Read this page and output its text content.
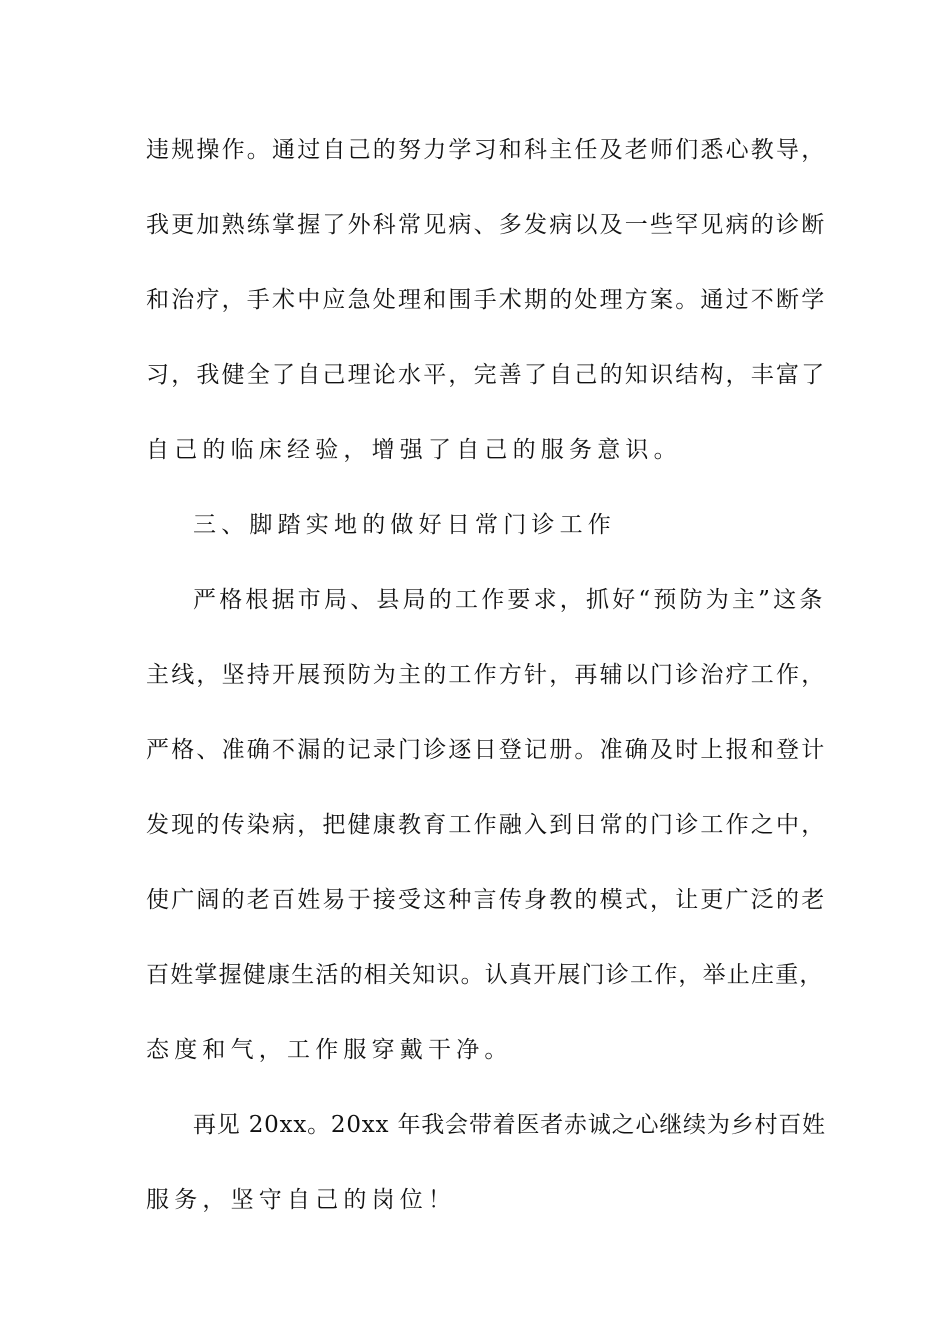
违规操作。通过自己的努力学习和科主任及老师们悉心教导，
我更加熟练掌握了外科常见病、多发病以及一些罕见病的诊断
和治疗，手术中应急处理和围手术期的处理方案。通过不断学
习，我健全了自己理论水平，完善了自己的知识结构，丰富了
自己的临床经验，增强了自己的服务意识。
三、脚踏实地的做好日常门诊工作
严格根据市局、县局的工作要求，抓好“预防为主”这条
主线，坚持开展预防为主的工作方针，再辅以门诊治疗工作，
严格、准确不漏的记录门诊逐日登记册。准确及时上报和登计
发现的传染病，把健康教育工作融入到日常的门诊工作之中，
使广阔的老百姓易于接受这种言传身教的模式，让更广泛的老
百姓掌握健康生活的相关知识。认真开展门诊工作，举止庄重，
态度和气，工作服穿戴干净。
再见 20xx。20xx 年我会带着医者赤诚之心继续为乡村百姓
服务，坚守自己的岗位！
